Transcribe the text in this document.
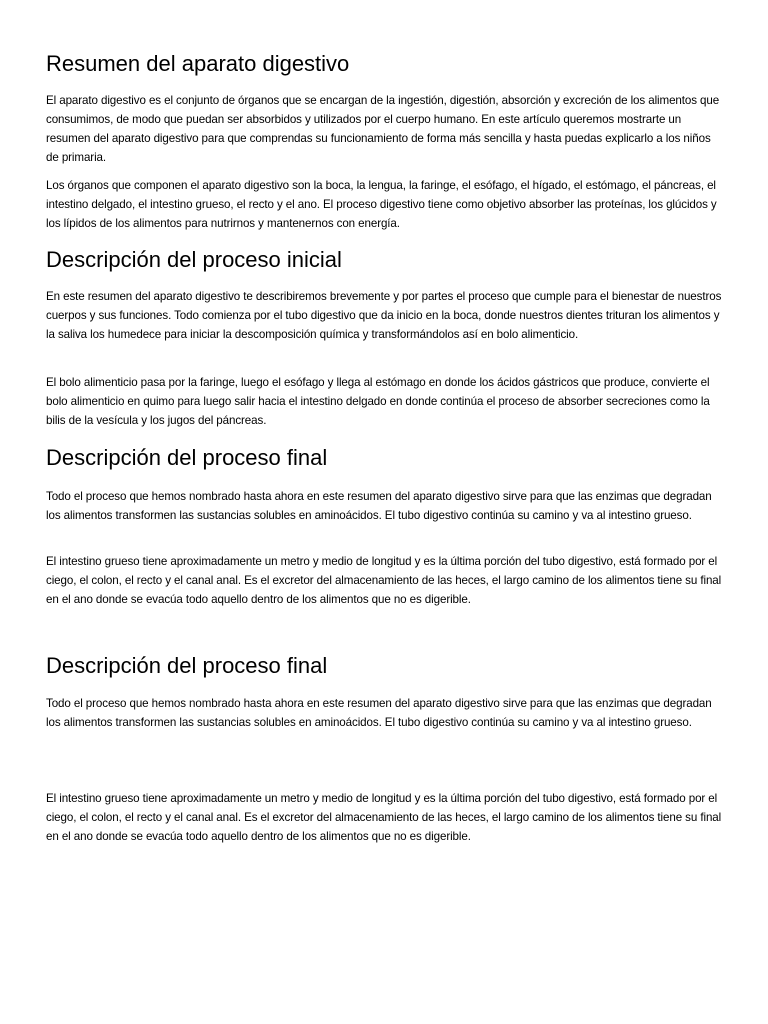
Resumen del aparato digestivo

El aparato digestivo es el conjunto de órganos que se encargan de la ingestión, digestión, absorción y excreción de los alimentos que consumimos, de modo que puedan ser absorbidos y utilizados por el cuerpo humano. En este artículo queremos mostrarte un resumen del aparato digestivo para que comprendas su funcionamiento de forma más sencilla y hasta puedas explicarlo a los niños de primaria.

Los órganos que componen el aparato digestivo son la boca, la lengua, la faringe, el esófago, el hígado, el estómago, el páncreas, el intestino delgado, el intestino grueso, el recto y el ano. El proceso digestivo tiene como objetivo absorber las proteínas, los glúcidos y los lípidos de los alimentos para nutrirnos y mantenernos con energía.

Descripción del proceso inicial

En este resumen del aparato digestivo te describiremos brevemente y por partes el proceso que cumple para el bienestar de nuestros cuerpos y sus funciones. Todo comienza por el tubo digestivo que da inicio en la boca, donde nuestros dientes trituran los alimentos y la saliva los humedece para iniciar la descomposición química y transformándolos así en bolo alimenticio.

El bolo alimenticio pasa por la faringe, luego el esófago y llega al estómago en donde los ácidos gástricos que produce, convierte el bolo alimenticio en quimo para luego salir hacia el intestino delgado en donde continúa el proceso de absorber secreciones como la bilis de la vesícula y los jugos del páncreas.

Descripción del proceso final

Todo el proceso que hemos nombrado hasta ahora en este resumen del aparato digestivo sirve para que las enzimas que degradan los alimentos transformen las sustancias solubles en aminoácidos. El tubo digestivo continúa su camino y va al intestino grueso.

El intestino grueso tiene aproximadamente un metro y medio de longitud y es la última porción del tubo digestivo, está formado por el ciego, el colon, el recto y el canal anal. Es el excretor del almacenamiento de las heces, el largo camino de los alimentos tiene su final en el ano donde se evacúa todo aquello dentro de los alimentos que no es digerible.

Descripción del proceso final

Todo el proceso que hemos nombrado hasta ahora en este resumen del aparato digestivo sirve para que las enzimas que degradan los alimentos transformen las sustancias solubles en aminoácidos. El tubo digestivo continúa su camino y va al intestino grueso.

El intestino grueso tiene aproximadamente un metro y medio de longitud y es la última porción del tubo digestivo, está formado por el ciego, el colon, el recto y el canal anal. Es el excretor del almacenamiento de las heces, el largo camino de los alimentos tiene su final en el ano donde se evacúa todo aquello dentro de los alimentos que no es digerible.
